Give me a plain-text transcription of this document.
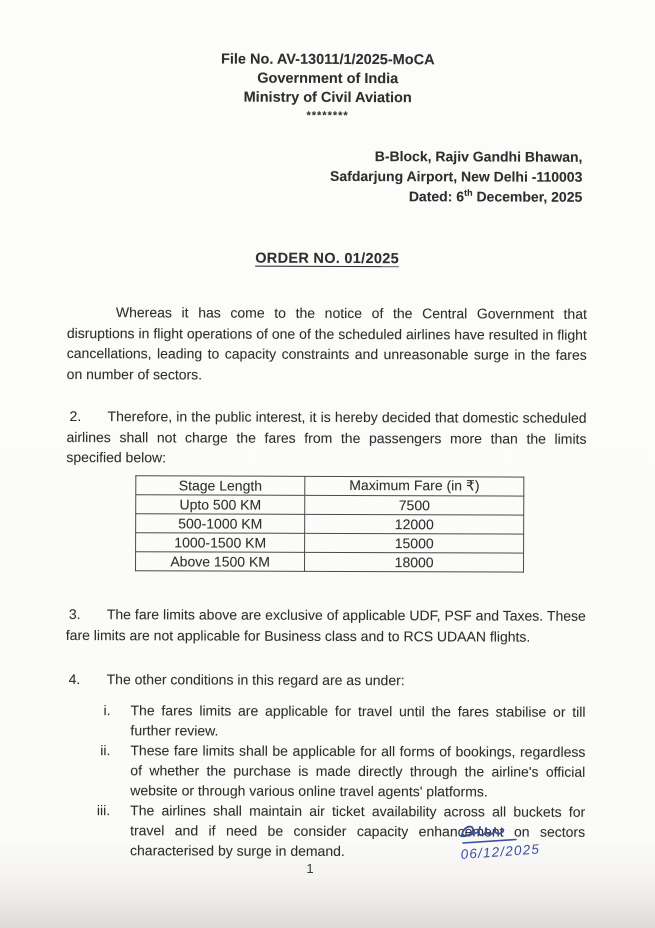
File No. AV-13011/1/2025-MoCA
Government of India
Ministry of Civil Aviation
********
B-Block, Rajiv Gandhi Bhawan,
Safdarjung Airport, New Delhi -110003
Dated: 6th December, 2025
ORDER NO. 01/2025

Whereas it has come to the notice of the Central Government that disruptions in flight operations of one of the scheduled airlines have resulted in flight cancellations, leading to capacity constraints and unreasonable surge in the fares on number of sectors.

2. Therefore, in the public interest, it is hereby decided that domestic scheduled airlines shall not charge the fares from the passengers more than the limits specified below:

Stage Length	Maximum Fare (in ₹)
Upto 500 KM	7500
500-1000 KM	12000
1000-1500 KM	15000
Above 1500 KM	18000

3. The fare limits above are exclusive of applicable UDF, PSF and Taxes. These fare limits are not applicable for Business class and to RCS UDAAN flights.

4. The other conditions in this regard are as under:

i. The fares limits are applicable for travel until the fares stabilise or till further review.
ii. These fare limits shall be applicable for all forms of bookings, regardless of whether the purchase is made directly through the airline's official website or through various online travel agents' platforms.
iii. The airlines shall maintain air ticket availability across all buckets for travel and if need be consider capacity enhancement on sectors characterised by surge in demand.	06/12/2025
1
